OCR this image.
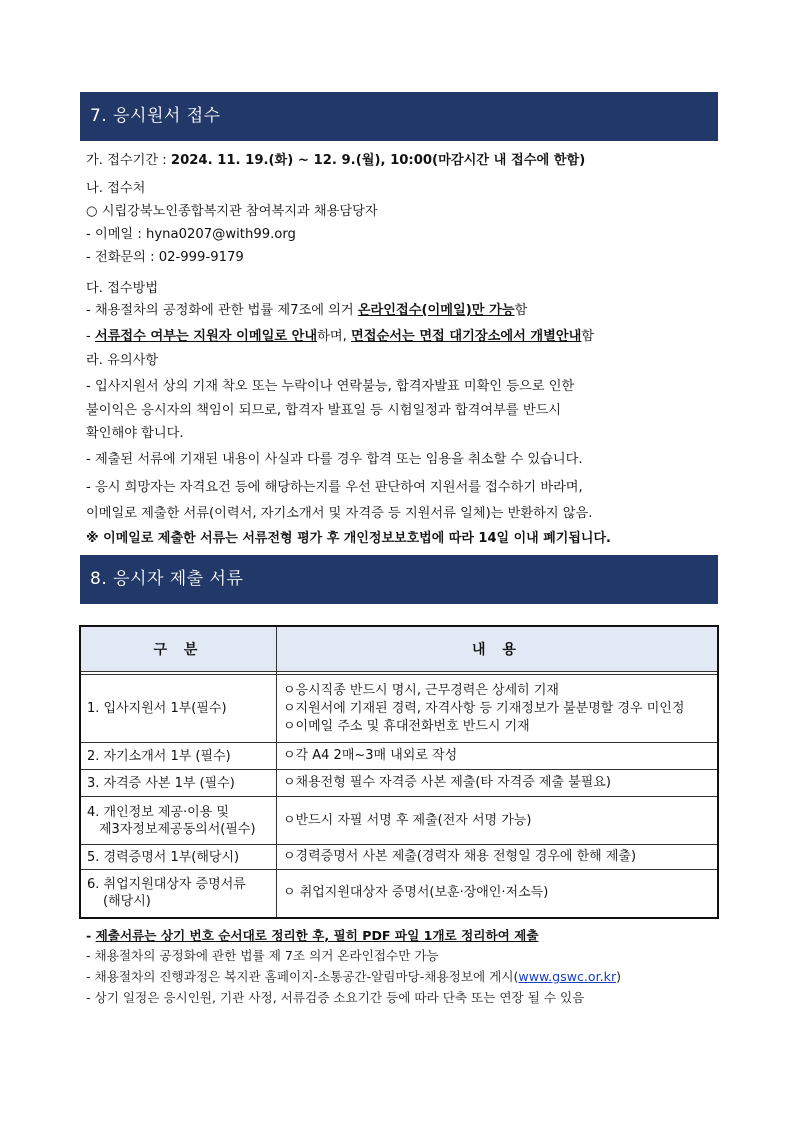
7. 응시원서 접수
가. 접수기간 : 2024. 11. 19.(화) ~ 12. 9.(월), 10:00(마감시간 내 접수에 한함)
나. 접수처
○ 시립강북노인종합복지관 참여복지과 채용담당자
- 이메일 : hyna0207@with99.org
- 전화문의 : 02-999-9179
다. 접수방법
- 채용절차의 공정화에 관한 법률 제7조에 의거 온라인접수(이메일)만 가능함
- 서류접수 여부는 지원자 이메일로 안내하며, 면접순서는 면접 대기장소에서 개별안내함
라. 유의사항
- 입사지원서 상의 기재 착오 또는 누락이나 연락불능, 합격자발표 미확인 등으로 인한
불이익은 응시자의 책임이 되므로, 합격자 발표일 등 시험일정과 합격여부를 반드시
확인해야 합니다.
- 제출된 서류에 기재된 내용이 사실과 다를 경우 합격 또는 임용을 취소할 수 있습니다.
- 응시 희망자는 자격요건 등에 해당하는지를 우선 판단하여 지원서를 접수하기 바라며,
이메일로 제출한 서류(이력서, 자기소개서 및 자격증 등 지원서류 일체)는 반환하지 않음.
※ 이메일로 제출한 서류는 서류전형 평가 후 개인정보보호법에 따라 14일 이내 폐기됩니다.
8. 응시자 제출 서류
구 분	내 용

1. 입사지원서 1부(필수)	ㅇ응시직종 반드시 명시, 근무경력은 상세히 기재
ㅇ지원서에 기재된 경력, 자격사항 등 기재정보가 불분명할 경우 미인정
ㅇ이메일 주소 및 휴대전화번호 반드시 기재

2. 자기소개서 1부 (필수)	ㅇ각 A4 2매~3매 내외로 작성

3. 자격증 사본 1부 (필수)	ㅇ채용전형 필수 자격증 사본 제출(타 자격증 제출 불필요)

4. 개인정보 제공·이용 및
제3자정보제공동의서(필수)	ㅇ반드시 자필 서명 후 제출(전자 서명 가능)

5. 경력증명서 1부(해당시)	ㅇ경력증명서 사본 제출(경력자 채용 전형일 경우에 한해 제출)

6. 취업지원대상자 증명서류
(해당시)	ㅇ 취업지원대상자 증명서(보훈·장애인·저소득)
- 제출서류는 상기 번호 순서대로 정리한 후, 필히 PDF 파일 1개로 정리하여 제출
- 채용절차의 공정화에 관한 법률 제 7조 의거 온라인접수만 가능
- 채용절차의 진행과정은 복지관 홈페이지-소통공간-알림마당-채용정보에 게시(www.gswc.or.kr)
- 상기 일정은 응시인원, 기관 사정, 서류검증 소요기간 등에 따라 단축 또는 연장 될 수 있음
